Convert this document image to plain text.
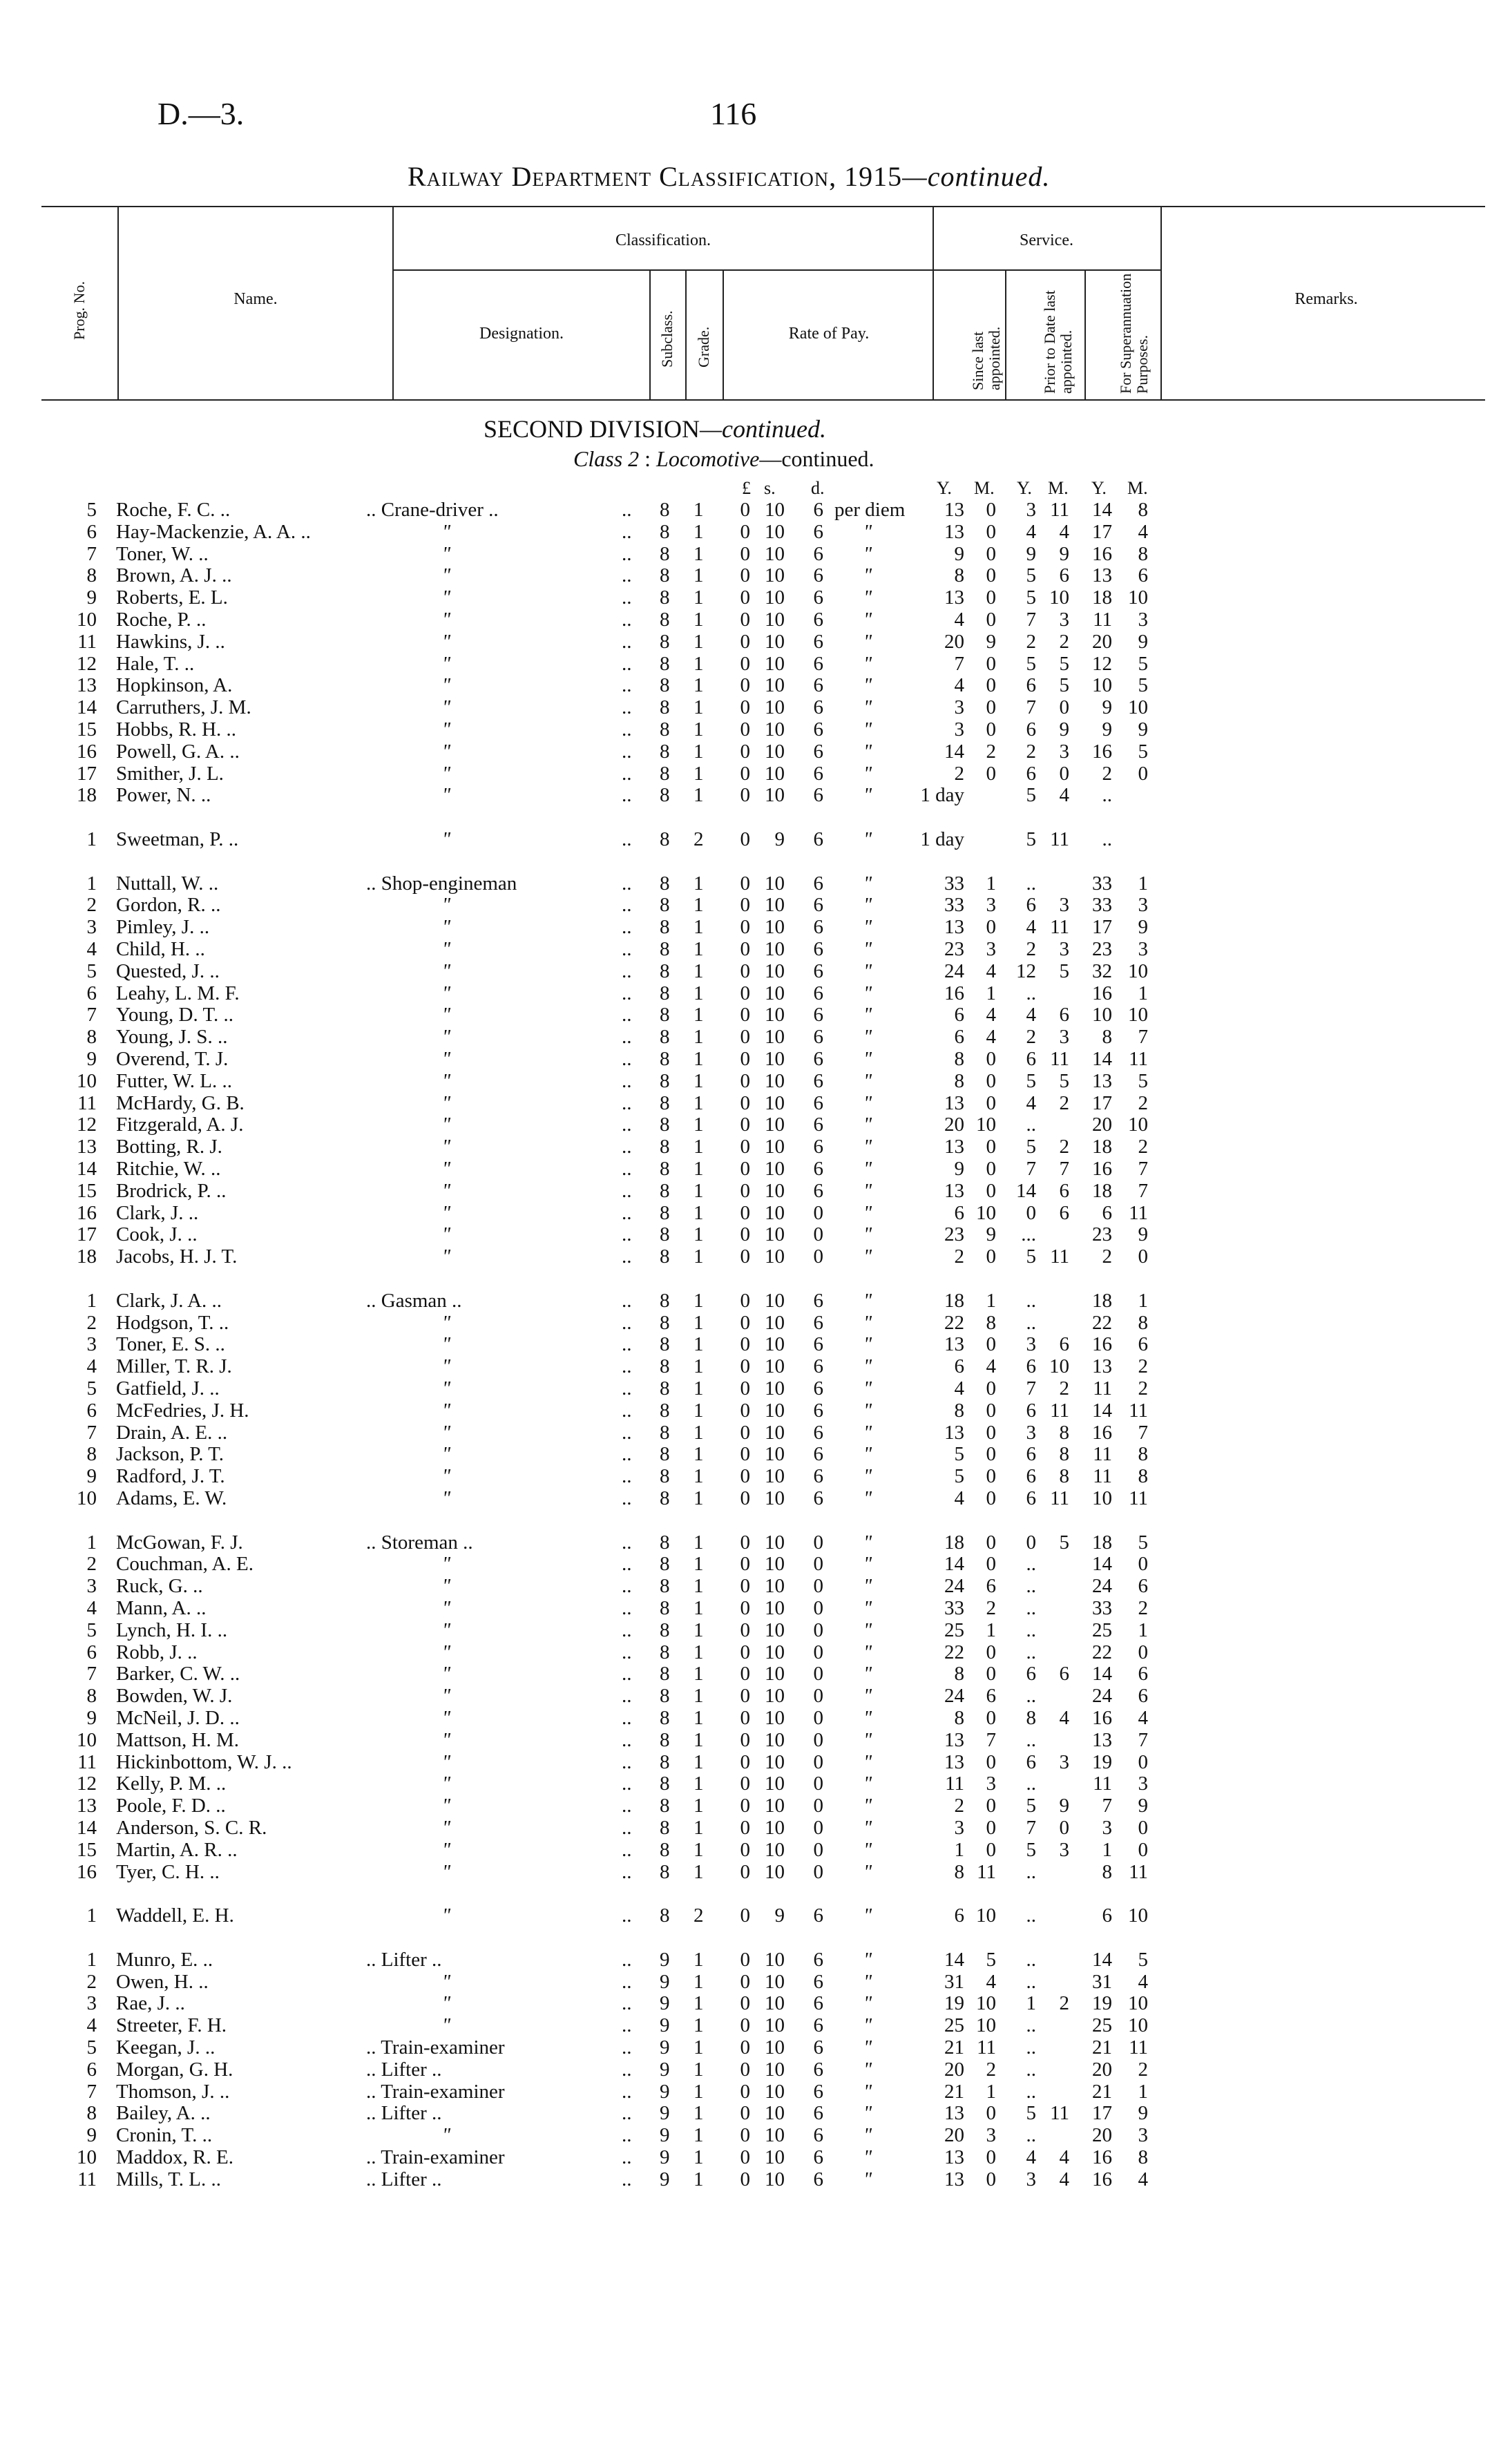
D.—3.	116
Railway Department Classification, 1915—continued.
Prog. No.	Name.
Classification.
Designation.	Subclass. Grade.	Rate of Pay.
Service.
Since last appointed.	Prior to Date last appointed.	For Superannuation Purposes.
Remarks.
SECOND DIVISION—continued.
Class 2 : Locomotive—continued.
£ s. d.	Y. M. Y. M. Y. M.
5 Roche, F. C. ..	.. Crane-driver ..	..	8	1	0 10	6 per diem	13	0	3 11	14	8
6 Hay-Mackenzie, A. A. ..	"	..	8	1	0 10	6 "	13	0	4	4	17	4
7 Toner, W. ..	"	..	8	1	0 10	6 "	9	0	9	9	16	8
8 Brown, A. J. ..	"	..	8	1	0 10	6 "	8	0	5	6	13	6
9 Roberts, E. L.	"	..	8	1	0 10	6 "	13	0	5 10	18 10
10 Roche, P. ..	"	..	8	1	0 10	6 "	4	0	7	3	11	3
11 Hawkins, J. ..	"	..	8	1	0 10	6 "	20	9	2	2	20	9
12 Hale, T. ..	"	..	8	1	0 10	6 "	7	0	5	5	12	5
13 Hopkinson, A.	"	..	8	1	0 10	6 "	4	0	6	5	10	5
14 Carruthers, J. M.	"	..	8	1	0 10	6 "	3	0	7	0	9 10
15 Hobbs, R. H. ..	"	..	8	1	0 10	6 "	3	0	6	9	9	9
16 Powell, G. A. ..	"	..	8	1	0 10	6 "	14	2	2	3	16	5
17 Smither, J. L.	"	..	8	1	0 10	6 "	2	0	6	0	2	0
18 Power, N. ..	"	..	8	1	0 10	6 "	1 day	5	4	..
1 Sweetman, P. ..	"	..	8	2	0	9	6 "	1 day	5 11	..
1 Nuttall, W. ..	.. Shop-engineman	..	8	1	0 10	6 "	33	1	..	33	1
2 Gordon, R. ..	"	..	8	1	0 10	6 "	33	3	6	3	33	3
3 Pimley, J. ..	"	..	8	1	0 10	6 "	13	0	4 11	17	9
4 Child, H. ..	"	..	8	1	0 10	6 "	23	3	2	3	23	3
5 Quested, J. ..	"	..	8	1	0 10	6 "	24	4	12	5	32 10
6 Leahy, L. M. F.	"	..	8	1	0 10	6 "	16	1	..	16	1
7 Young, D. T. ..	"	..	8	1	0 10	6 "	6	4	4	6	10 10
8 Young, J. S. ..	"	..	8	1	0 10	6 "	6	4	2	3	8	7
9 Overend, T. J.	"	..	8	1	0 10	6 "	8	0	6 11	14 11
10 Futter, W. L. ..	"	..	8	1	0 10	6 "	8	0	5	5	13	5
11 McHardy, G. B.	"	..	8	1	0 10	6 "	13	0	4	2	17	2
12 Fitzgerald, A. J.	"	..	8	1	0 10	6 "	20 10	..	20 10
13 Botting, R. J.	"	..	8	1	0 10	6 "	13	0	5	2	18	2
14 Ritchie, W. ..	"	..	8	1	0 10	6 "	9	0	7	7	16	7
15 Brodrick, P. ..	"	..	8	1	0 10	6 "	13	0	14	6	18	7
16 Clark, J. ..	"	..	8	1	0 10	0 "	6 10	0	6	6 11
17 Cook, J. ..	"	..	8	1	0 10	0 "	23	9	...	23	9
18 Jacobs, H. J. T.	"	..	8	1	0 10	0 "	2	0	5 11	2	0
1 Clark, J. A. ..	.. Gasman ..	..	8	1	0 10	6 "	18	1	..	18	1
2 Hodgson, T. ..	"	..	8	1	0 10	6 "	22	8	..	22	8
3 Toner, E. S. ..	"	..	8	1	0 10	6 "	13	0	3	6	16	6
4 Miller, T. R. J.	"	..	8	1	0 10	6 "	6	4	6 10	13	2
5 Gatfield, J. ..	"	..	8	1	0 10	6 "	4	0	7	2	11	2
6 McFedries, J. H.	"	..	8	1	0 10	6 "	8	0	6 11	14 11
7 Drain, A. E. ..	"	..	8	1	0 10	6 "	13	0	3	8	16	7
8 Jackson, P. T.	"	..	8	1	0 10	6 "	5	0	6	8	11	8
9 Radford, J. T.	"	..	8	1	0 10	6 "	5	0	6	8	11	8
10 Adams, E. W.	"	..	8	1	0 10	6 "	4	0	6 11	10 11
1 McGowan, F. J.	.. Storeman ..	..	8	1	0 10	0 "	18	0	0	5	18	5
2 Couchman, A. E.	"	..	8	1	0 10	0 "	14	0	..	14	0
3 Ruck, G. ..	"	..	8	1	0 10	0 "	24	6	..	24	6
4 Mann, A. ..	"	..	8	1	0 10	0 "	33	2	..	33	2
5 Lynch, H. I. ..	"	..	8	1	0 10	0 "	25	1	..	25	1
6 Robb, J. ..	"	..	8	1	0 10	0 "	22	0	..	22	0
7 Barker, C. W. ..	"	..	8	1	0 10	0 "	8	0	6	6	14	6
8 Bowden, W. J.	"	..	8	1	0 10	0 "	24	6	..	24	6
9 McNeil, J. D. ..	"	..	8	1	0 10	0 "	8	0	8	4	16	4
10 Mattson, H. M.	"	..	8	1	0 10	0 "	13	7	..	13	7
11 Hickinbottom, W. J. ..	"	..	8	1	0 10	0 "	13	0	6	3	19	0
12 Kelly, P. M. ..	"	..	8	1	0 10	0 "	11	3	..	11	3
13 Poole, F. D. ..	"	..	8	1	0 10	0 "	2	0	5	9	7	9
14 Anderson, S. C. R.	"	..	8	1	0 10	0 "	3	0	7	0	3	0
15 Martin, A. R. ..	"	..	8	1	0 10	0 "	1	0	5	3	1	0
16 Tyer, C. H. ..	"	..	8	1	0 10	0 "	8 11	..	8 11
1 Waddell, E. H.	"	..	8	2	0	9	6 "	6 10	..	6 10
1 Munro, E. ..	.. Lifter ..	..	9	1	0 10	6 "	14	5	..	14	5
2 Owen, H. ..	"	..	9	1	0 10	6 "	31	4	..	31	4
3 Rae, J. ..	"	..	9	1	0 10	6 "	19 10	1	2	19 10
4 Streeter, F. H.	"	..	9	1	0 10	6 "	25 10	..	25 10
5 Keegan, J. ..	.. Train-examiner	..	9	1	0 10	6 "	21 11	..	21 11
6 Morgan, G. H.	.. Lifter ..	..	9	1	0 10	6 "	20	2	..	20	2
7 Thomson, J. ..	.. Train-examiner	..	9	1	0 10	6 "	21	1	..	21	1
8 Bailey, A. ..	.. Lifter ..	..	9	1	0 10	6 "	13	0	5 11	17	9
9 Cronin, T. ..	"	..	9	1	0 10	6 "	20	3	..	20	3
10 Maddox, R. E.	.. Train-examiner	..	9	1	0 10	6 "	13	0	4	4	16	8
11 Mills, T. L. ..	.. Lifter ..	..	9	1	0 10	6 "	13	0	3	4	16	4
